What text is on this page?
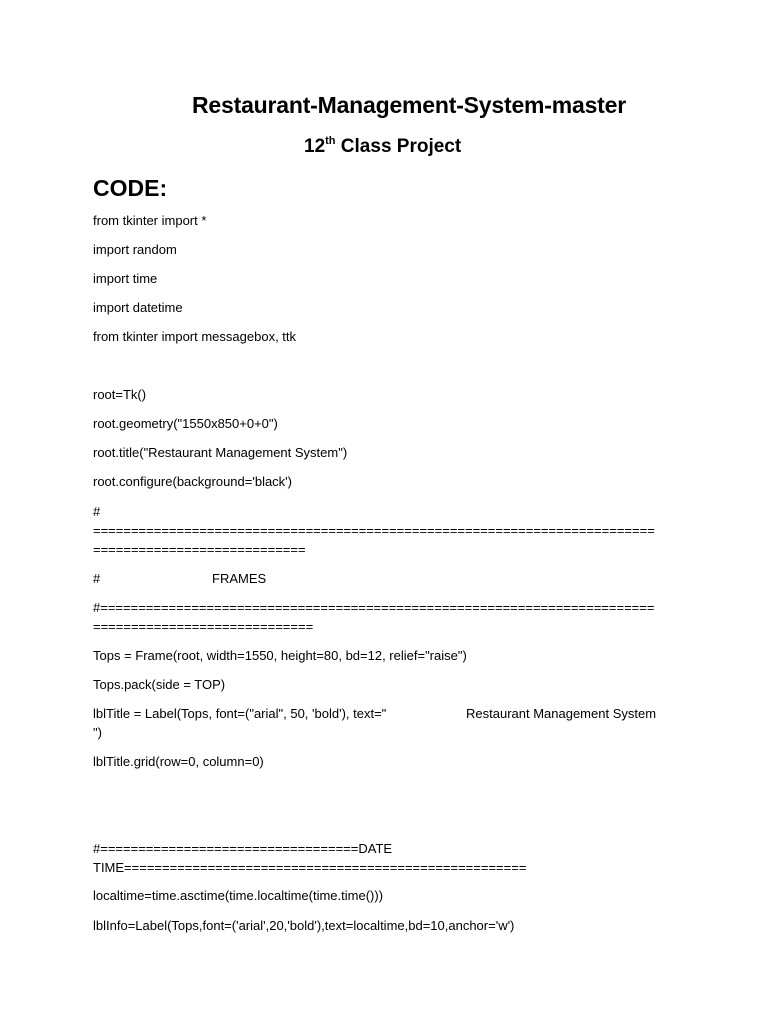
Restaurant-Management-System-master
12th Class Project
CODE:
from tkinter import *
import random
import time
import datetime
from tkinter import messagebox, ttk
root=Tk()
root.geometry("1550x850+0+0")
root.title("Restaurant Management System")
root.configure(background='black')
#
==========================================================================
============================
#	FRAMES
#=========================================================================
=============================
Tops = Frame(root, width=1550, height=80, bd=12, relief="raise")
Tops.pack(side = TOP)
lblTitle = Label(Tops, font=("arial", 50, 'bold'), text="	Restaurant Management System
")
lblTitle.grid(row=0, column=0)
#==================================DATE
TIME=====================================================
localtime=time.asctime(time.localtime(time.time()))
lblInfo=Label(Tops,font=('arial',20,'bold'),text=localtime,bd=10,anchor='w')
